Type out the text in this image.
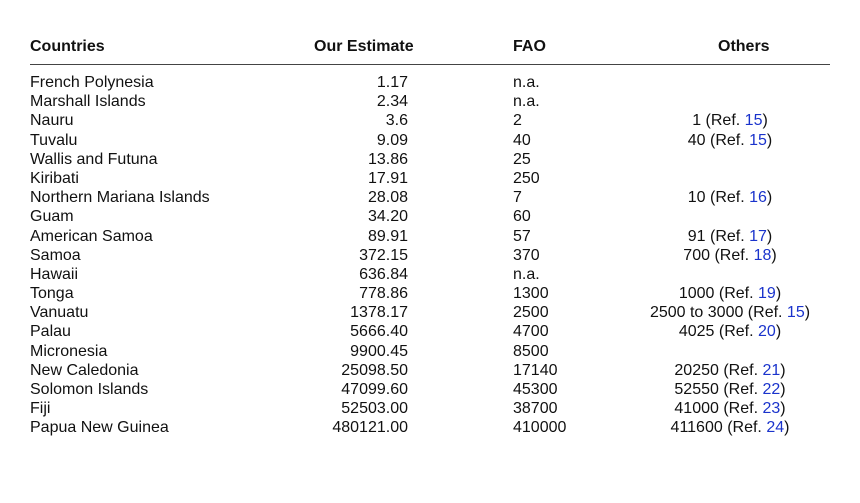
Countries	Our Estimate	FAO	Others
French Polynesia	1.17	n.a.
Marshall Islands	2.34	n.a.
Nauru	3.6	2	1 (Ref. 15)
Tuvalu	9.09	40	40 (Ref. 15)
Wallis and Futuna	13.86	25
Kiribati	17.91	250
Northern Mariana Islands	28.08	7	10 (Ref. 16)
Guam	34.20	60
American Samoa	89.91	57	91 (Ref. 17)
Samoa	372.15	370	700 (Ref. 18)
Hawaii	636.84	n.a.
Tonga	778.86	1300	1000 (Ref. 19)
Vanuatu	1378.17	2500	2500 to 3000 (Ref. 15)
Palau	5666.40	4700	4025 (Ref. 20)
Micronesia	9900.45	8500
New Caledonia	25098.50	17140	20250 (Ref. 21)
Solomon Islands	47099.60	45300	52550 (Ref. 22)
Fiji	52503.00	38700	41000 (Ref. 23)
Papua New Guinea	480121.00	410000	411600 (Ref. 24)
